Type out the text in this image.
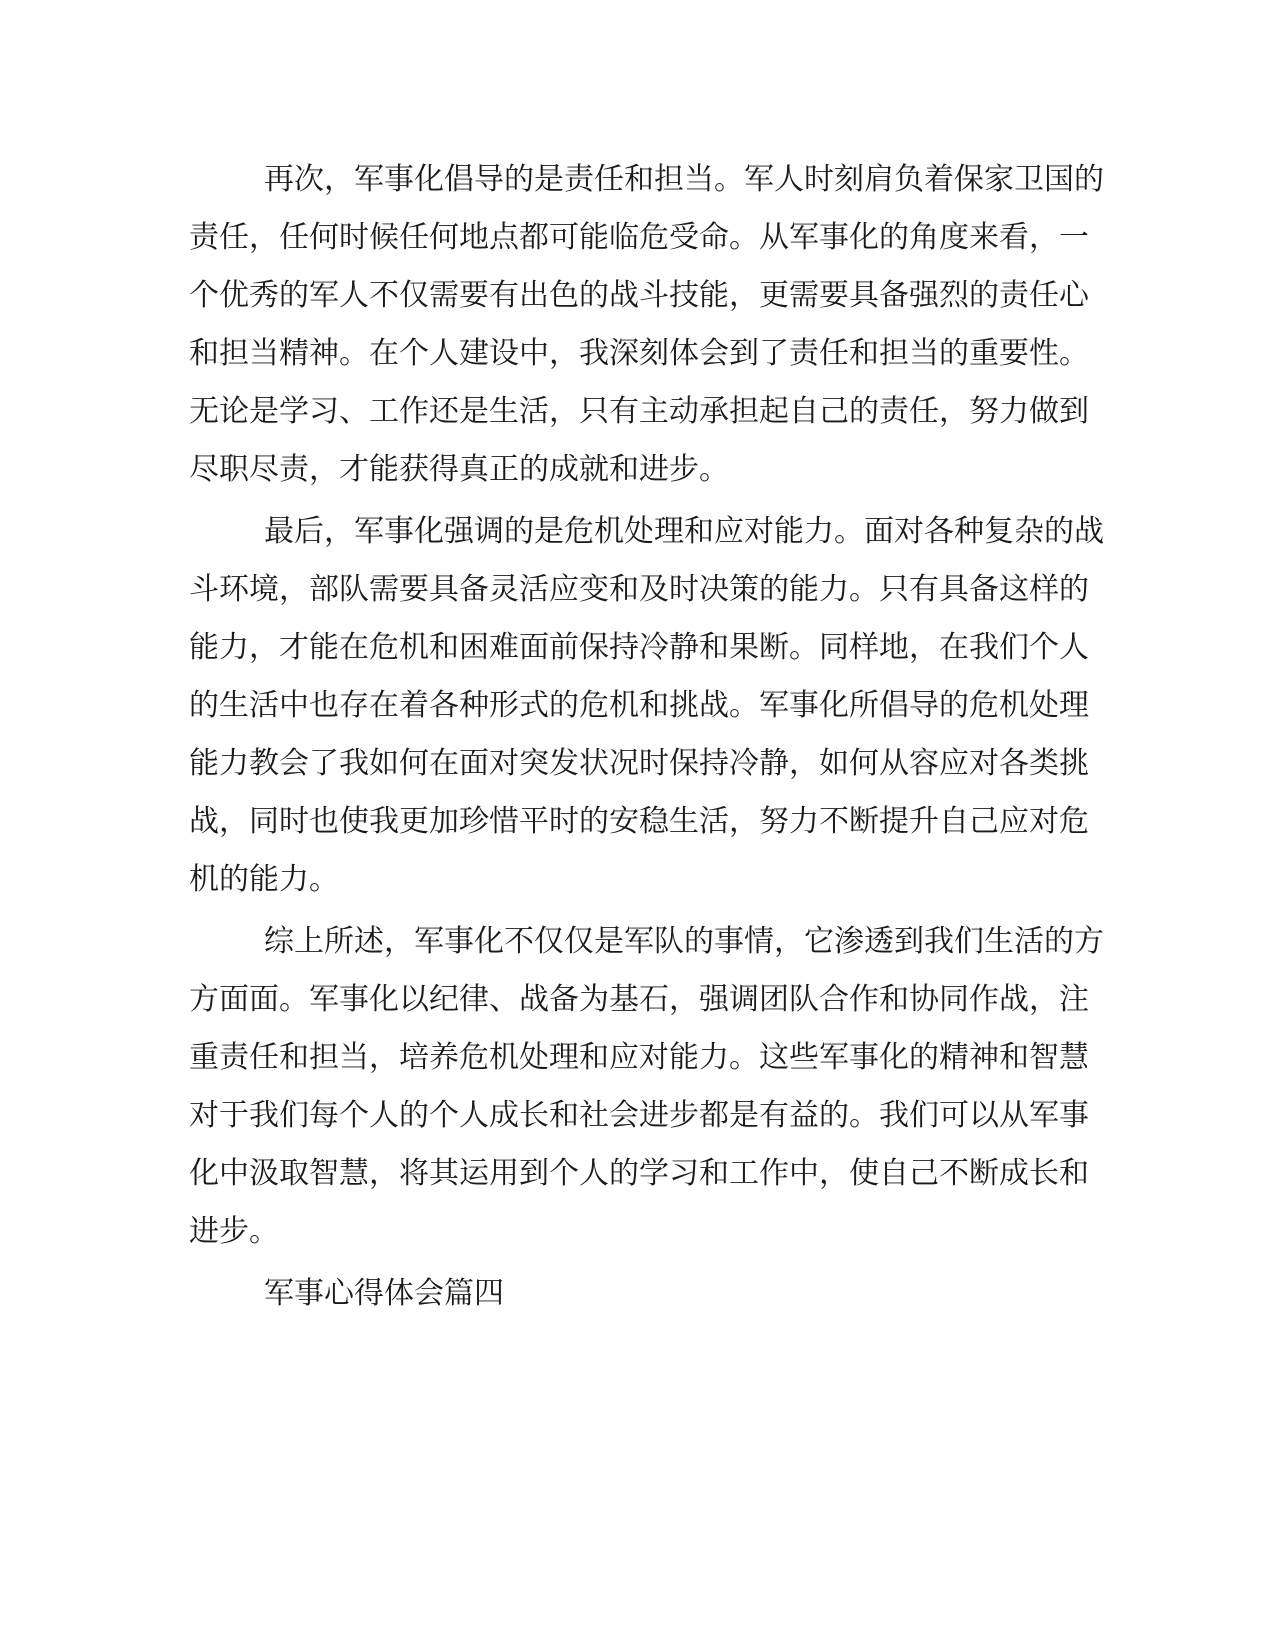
再次，军事化倡导的是责任和担当。军人时刻肩负着保家卫国的
责任，任何时候任何地点都可能临危受命。从军事化的角度来看，一
个优秀的军人不仅需要有出色的战斗技能，更需要具备强烈的责任心
和担当精神。在个人建设中，我深刻体会到了责任和担当的重要性。
无论是学习、工作还是生活，只有主动承担起自己的责任，努力做到
尽职尽责，才能获得真正的成就和进步。
最后，军事化强调的是危机处理和应对能力。面对各种复杂的战
斗环境，部队需要具备灵活应变和及时决策的能力。只有具备这样的
能力，才能在危机和困难面前保持冷静和果断。同样地，在我们个人
的生活中也存在着各种形式的危机和挑战。军事化所倡导的危机处理
能力教会了我如何在面对突发状况时保持冷静，如何从容应对各类挑
战，同时也使我更加珍惜平时的安稳生活，努力不断提升自己应对危
机的能力。
综上所述，军事化不仅仅是军队的事情，它渗透到我们生活的方
方面面。军事化以纪律、战备为基石，强调团队合作和协同作战，注
重责任和担当，培养危机处理和应对能力。这些军事化的精神和智慧
对于我们每个人的个人成长和社会进步都是有益的。我们可以从军事
化中汲取智慧，将其运用到个人的学习和工作中，使自己不断成长和
进步。
军事心得体会篇四
